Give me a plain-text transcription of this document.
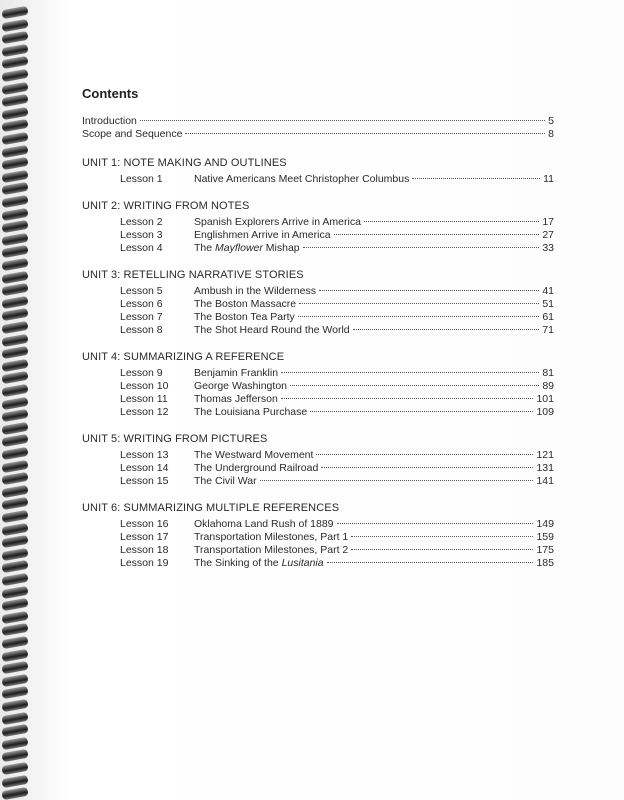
Contents
Introduction	5
Scope and Sequence	8
UNIT 1: NOTE MAKING AND OUTLINES
Lesson 1	Native Americans Meet Christopher Columbus	11
UNIT 2: WRITING FROM NOTES
Lesson 2	Spanish Explorers Arrive in America	17
Lesson 3	Englishmen Arrive in America	27
Lesson 4	The Mayflower Mishap	33
UNIT 3: RETELLING NARRATIVE STORIES
Lesson 5	Ambush in the Wilderness	41
Lesson 6	The Boston Massacre	51
Lesson 7	The Boston Tea Party	61
Lesson 8	The Shot Heard Round the World	71
UNIT 4: SUMMARIZING A REFERENCE
Lesson 9	Benjamin Franklin	81
Lesson 10	George Washington	89
Lesson 11	Thomas Jefferson	101
Lesson 12	The Louisiana Purchase	109
UNIT 5: WRITING FROM PICTURES
Lesson 13	The Westward Movement	121
Lesson 14	The Underground Railroad	131
Lesson 15	The Civil War	141
UNIT 6: SUMMARIZING MULTIPLE REFERENCES
Lesson 16	Oklahoma Land Rush of 1889	149
Lesson 17	Transportation Milestones, Part 1	159
Lesson 18	Transportation Milestones, Part 2	175
Lesson 19	The Sinking of the Lusitania	185
